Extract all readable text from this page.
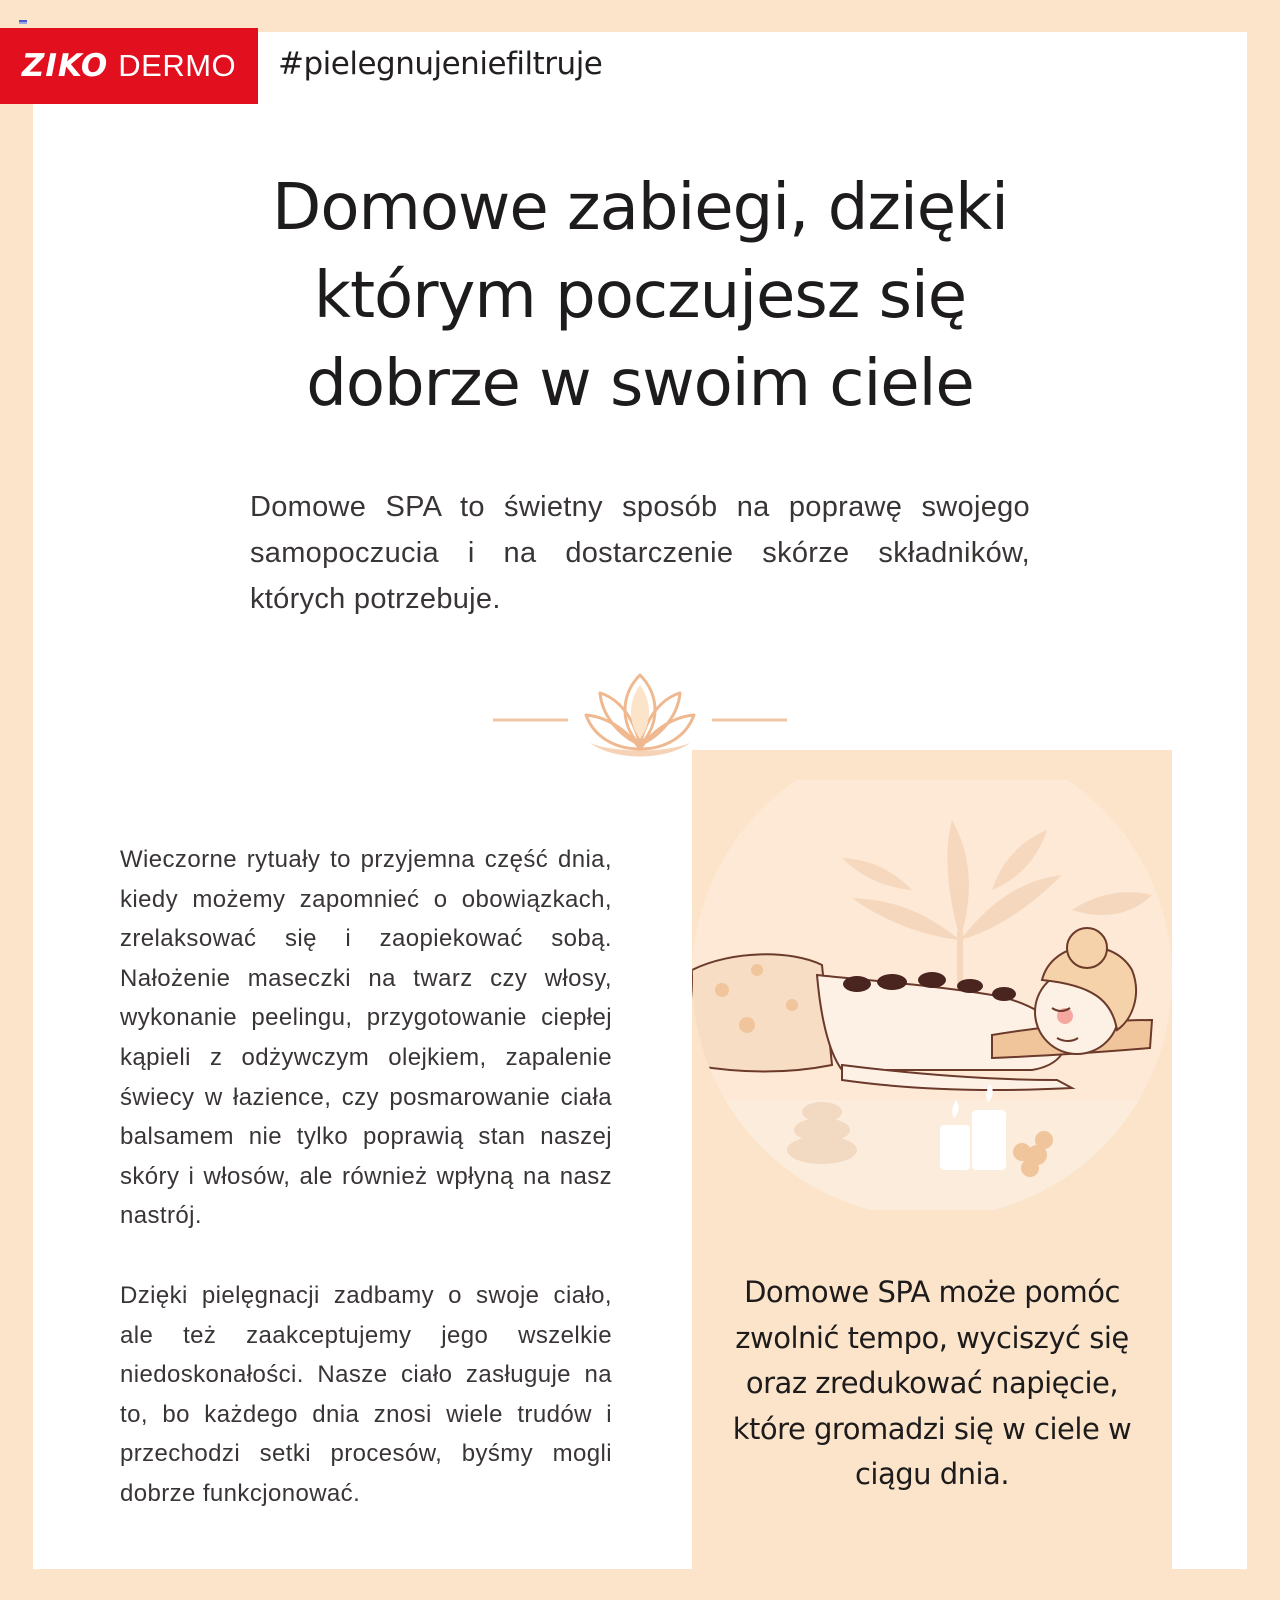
ZIKO DERMO #pielegnujeniefiltruje
Domowe zabiegi, dzięki którym poczujesz się dobrze w swoim ciele
Domowe SPA to świetny sposób na poprawę swojego samopoczucia i na dostarczenie skórze składników, których potrzebuje.

Wieczorne rytuały to przyjemna część dnia, kiedy możemy zapomnieć o obowiązkach, zrelaksować się i zaopiekować sobą. Nałożenie maseczki na twarz czy włosy, wykonanie peelingu, przygotowanie ciepłej kąpieli z odżywczym olejkiem, zapalenie świecy w łazience, czy posmarowanie ciała balsamem nie tylko poprawią stan naszej skóry i włosów, ale również wpłyną na nasz nastrój.

Dzięki pielęgnacji zadbamy o swoje ciało, ale też zaakceptujemy jego wszelkie niedoskonałości. Nasze ciało zasługuje na to, bo każdego dnia znosi wiele trudów i przechodzi setki procesów, byśmy mogli dobrze funkcjonować.

Domowe SPA może pomóc zwolnić tempo, wyciszyć się oraz zredukować napięcie, które gromadzi się w ciele w ciągu dnia.
